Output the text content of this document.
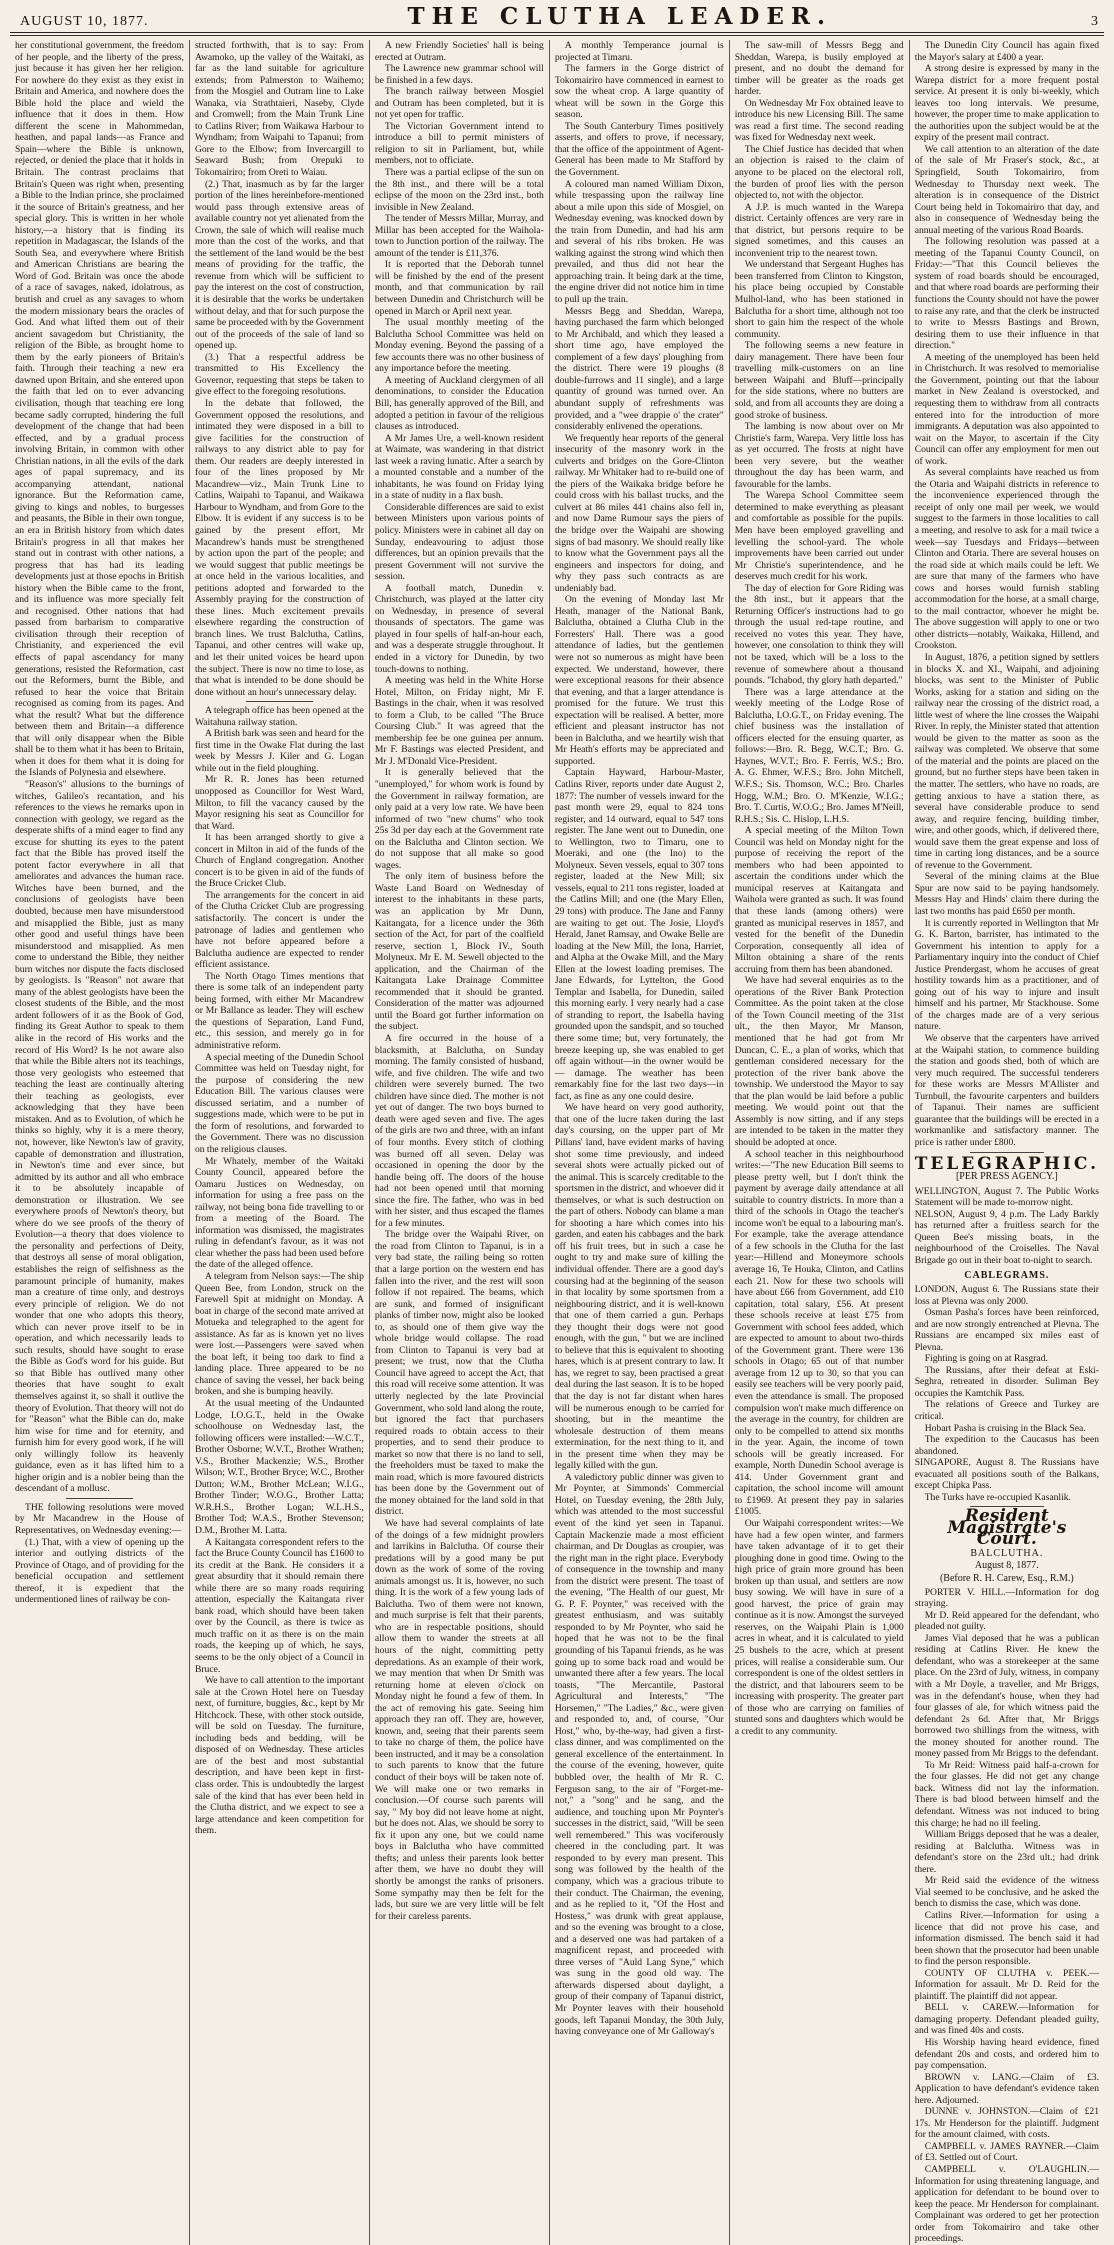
AUGUST 10, 1877.	THE CLUTHA LEADER.	3

her constitutional government, the freedom of her people, and the liberty of the press, just because it has given her her religion. For nowhere do they exist as they exist in Britain and America, and nowhere does the Bible hold the place and wield the influence that it does in them. How different the scene in Mahommedan, heathen, and papal lands—as France and Spain—where the Bible is unknown, rejected, or denied the place that it holds in Britain. The contrast proclaims that Britain's Queen was right when, presenting a Bible to the Indian prince, she proclaimed it the source of Britain's greatness, and her special glory. This is written in her whole history,—a history that is finding its repetition in Madagascar, the Islands of the South Sea, and everywhere where British and American Christians are bearing the Word of God. Britain was once the abode of a race of savages, naked, idolatrous, as brutish and cruel as any savages to whom the modern missionary bears the oracles of God. And what lifted them out of their ancient savagedom but Christianity, the religion of the Bible, as brought home to them by the early pioneers of Britain's faith. Through their teaching a new era dawned upon Britain, and she entered upon the faith that led on to ever advancing civilisation, though that teaching ere long became sadly corrupted, hindering the full development of the change that had been effected, and by a gradual process involving Britain, in common with other Christian nations, in all the evils of the dark ages of papal supremacy, and its accompanying attendant, national ignorance. But the Reformation came, giving to kings and nobles, to burgesses and peasants, the Bible in their own tongue, an era in British history from which dates Britain's progress in all that makes her stand out in contrast with other nations, a progress that has had its leading developments just at those epochs in British history when the Bible came to the front, and its influence was more specially felt and recognised. Other nations that had passed from barbarism to comparative civilisation through their reception of Christianity, and experienced the evil effects of papal ascendancy for many generations, resisted the Reformation, cast out the Reformers, burnt the Bible, and refused to hear the voice that Britain recognised as coming from its pages. And what the result? What but the difference between them and Britain—a difference that will only disappear when the Bible shall be to them what it has been to Britain, when it does for them what it is doing for the Islands of Polynesia and elsewhere.

"Reason's" allusions to the burnings of witches, Galileo's recantation, and his references to the views he remarks upon in connection with geology, we regard as the desperate shifts of a mind eager to find any excuse for shutting its eyes to the patent fact that the Bible has proved itself the potent factor everywhere in all that ameliorates and advances the human race. Witches have been burned, and the conclusions of geologists have been doubted, because men have misunderstood and misapplied the Bible, just as many other good and useful things have been misunderstood and misapplied. As men come to understand the Bible, they neither burn witches nor dispute the facts disclosed by geologists. Is "Reason" not aware that many of the ablest geologists have been the closest students of the Bible, and the most ardent followers of it as the Book of God, finding its Great Author to speak to them alike in the record of His works and the record of His Word? Is he not aware also that while the Bible alters not its teachings, those very geologists who esteemed that teaching the least are continually altering their teaching as geologists, ever acknowledging that they have been mistaken. And as to Evolution, of which he thinks so highly, why it is a mere theory, not, however, like Newton's law of gravity, capable of demonstration and illustration, in Newton's time and ever since, but admitted by its author and all who embrace it to be absolutely incapable of demonstration or illustration. We see everywhere proofs of Newton's theory, but where do we see proofs of the theory of Evolution—a theory that does violence to the personality and perfections of Deity, that destroys all sense of moral obligation, establishes the reign of selfishness as the paramount principle of humanity, makes man a creature of time only, and destroys every principle of religion. We do not wonder that one who adopts this theory, which can never prove itself to be in operation, and which necessarily leads to such results, should have sought to erase the Bible as God's word for his guide. But so that Bible has outlived many other theories that have sought to exalt themselves against it, so shall it outlive the theory of Evolution. That theory will not do for "Reason" what the Bible can do, make him wise for time and for eternity, and furnish him for every good work, if he will only willingly follow its heavenly guidance, even as it has lifted him to a higher origin and is a nobler being than the descendant of a mollusc.

THE following resolutions were moved by Mr Macandrew in the House of Representatives, on Wednesday evening:—

(1.) That, with a view of opening up the interior and outlying districts of the Province of Otago, and of providing for the beneficial occupation and settlement thereof, it is expedient that the undermentioned lines of railway be con-

structed forthwith, that is to say: From Awamoko, up the valley of the Waitaki, as far as the land suitable for agriculture extends; from Palmerston to Waihemo; from the Mosgiel and Outram line to Lake Wanaka, via Strathtaieri, Naseby, Clyde and Cromwell; from the Main Trunk Line to Catlins River; from Waikawa Harbour to Wyndham; from Waipahi to Tapanui; from Gore to the Elbow; from Invercargill to Seaward Bush; from Orepuki to Tokomairiro; from Oreti to Waiau.

(2.) That, inasmuch as by far the larger portion of the lines hereinbefore-mentioned would pass through extensive areas of available country not yet alienated from the Crown, the sale of which will realise much more than the cost of the works, and that the settlement of the land would be the best means of providing for the traffic, the revenue from which will be sufficient to pay the interest on the cost of construction, it is desirable that the works be undertaken without delay, and that for such purpose the same be proceeded with by the Government out of the proceeds of the sale of land so opened up.

(3.) That a respectful address be transmitted to His Excellency the Governor, requesting that steps be taken to give effect to the foregoing resolutions.

In the debate that followed, the Government opposed the resolutions, and intimated they were disposed in a bill to give facilities for the construction of railways to any district able to pay for them. Our readers are deeply interested in four of the lines proposed by Mr Macandrew—viz., Main Trunk Line to Catlins, Waipahi to Tapanui, and Waikawa Harbour to Wyndham, and from Gore to the Elbow. It is evident if any success is to be gained by the present effort, Mr Macandrew's hands must be strengthened by action upon the part of the people; and we would suggest that public meetings be at once held in the various localities, and petitions adopted and forwarded to the Assembly praying for the construction of these lines. Much excitement prevails elsewhere regarding the construction of branch lines. We trust Balclutha, Catlins, Tapanui, and other centres will wake up, and let their united voices be heard upon the subject. There is now no time to lose, as that what is intended to be done should be done without an hour's unnecessary delay.

A telegraph office has been opened at the Waitahuna railway station.

A British bark was seen and heard for the first time in the Owake Flat during the last week by Messrs J. Kiler and G. Logan while out in the field ploughing.

Mr R. R. Jones has been returned unopposed as Councillor for West Ward, Milton, to fill the vacancy caused by the Mayor resigning his seat as Councillor for that Ward.

It has been arranged shortly to give a concert in Milton in aid of the funds of the Church of England congregation. Another concert is to be given in aid of the funds of the Bruce Cricket Club.

The arrangements for the concert in aid of the Clutha Cricket Club are progressing satisfactorily. The concert is under the patronage of ladies and gentlemen who have not before appeared before a Balclutha audience are expected to render efficient assistance.

The North Otago Times mentions that there is some talk of an independent party being formed, with either Mr Macandrew or Mr Ballance as leader. They will eschew the questions of Separation, Land Fund, etc., this session, and merely go in for administrative reform.

A special meeting of the Dunedin School Committee was held on Tuesday night, for the purpose of considering the new Education Bill. The various clauses were discussed seriatim, and a number of suggestions made, which were to be put in the form of resolutions, and forwarded to the Government. There was no discussion on the religious clauses.

Mr Whately, member of the Waitaki County Council, appeared before the Oamaru Justices on Wednesday, on information for using a free pass on the railway, not being bona fide travelling to or from a meeting of the Board. The information was dismissed, the magistrates ruling in defendant's favour, as it was not clear whether the pass had been used before the date of the alleged offence.

A telegram from Nelson says:—The ship Queen Bee, from London, struck on the Farewell Spit at midnight on Monday. A boat in charge of the second mate arrived at Motueka and telegraphed to the agent for assistance. As far as is known yet no lives were lost.—Passengers were saved when the boat left, it being too dark to find a landing place. Three appeared to be no chance of saving the vessel, her back being broken, and she is bumping heavily.

At the usual meeting of the Undaunted Lodge, I.O.G.T., held in the Owake schoolhouse on Wednesday last, the following officers were installed:—W.C.T., Brother Osborne; W.V.T., Brother Wrathen; V.S., Brother Mackenzie; W.S., Brother Wilson; W.T., Brother Bryce; W.C., Brother Dutton; W.M., Brother McLean; W.I.G., Brother Tinder; W.O.G., Brother Latta; W.R.H.S., Brother Logan; W.L.H.S., Brother Tod; W.A.S., Brother Stevenson; D.M., Brother M. Latta.

A Kaitangata correspondent refers to the fact the Bruce County Council has £1600 to its credit at the Bank. He considers it a great absurdity that it should remain there while there are so many roads requiring attention, especially the Kaitangata river bank road, which should have been taken over by the Council, as there is twice as much traffic on it as there is on the main roads, the keeping up of which, he says, seems to be the only object of a Council in Bruce.

We have to call attention to the important sale at the Crown Hotel here on Tuesday next, of furniture, buggies, &c., kept by Mr Hitchcock. These, with other stock outside, will be sold on Tuesday. The furniture, including beds and bedding, will be disposed of on Wednesday. These articles are of the best and most substantial description, and have been kept in first-class order. This is undoubtedly the largest sale of the kind that has ever been held in the Clutha district, and we expect to see a large attendance and keen competition for them.

A new Friendly Societies' hall is being erected at Outram.

The Lawrence new grammar school will be finished in a few days.

The branch railway between Mosgiel and Outram has been completed, but it is not yet open for traffic.

The Victorian Government intend to introduce a bill to permit ministers of religion to sit in Parliament, but, while members, not to officiate.

There was a partial eclipse of the sun on the 8th inst., and there will be a total eclipse of the moon on the 23rd inst., both invisible in New Zealand.

The tender of Messrs Millar, Murray, and Millar has been accepted for the Waihola-town to Junction portion of the railway. The amount of the tender is £11,376.

It is reported that the Deborah tunnel will be finished by the end of the present month, and that communication by rail between Dunedin and Christchurch will be opened in March or April next year.

The usual monthly meeting of the Balclutha School Committee was held on Monday evening. Beyond the passing of a few accounts there was no other business of any importance before the meeting.

A meeting of Auckland clergymen of all denominations, to consider the Education Bill, has generally approved of the Bill, and adopted a petition in favour of the religious clauses as introduced.

A Mr James Ure, a well-known resident at Waimate, was wandering in that district last week a raving lunatic. After a search by a mounted constable and a number of the inhabitants, he was found on Friday lying in a state of nudity in a flax bush.

Considerable differences are said to exist between Ministers upon various points of policy. Ministers were in cabinet all day on Sunday, endeavouring to adjust those differences, but an opinion prevails that the present Government will not survive the session.

A football match, Dunedin v. Christchurch, was played at the latter city on Wednesday, in presence of several thousands of spectators. The game was played in four spells of half-an-hour each, and was a desperate struggle throughout. It ended in a victory for Dunedin, by two touch-downs to nothing.

A meeting was held in the White Horse Hotel, Milton, on Friday night, Mr F. Bastings in the chair, when it was resolved to form a Club, to be called "The Bruce Coursing Club." It was agreed that the membership fee be one guinea per annum. Mr F. Bastings was elected President, and Mr J. M'Donald Vice-President.

It is generally believed that the "unemployed," for whom work is found by the Government in railway formation, are only paid at a very low rate. We have been informed of two "new chums" who took 25s 3d per day each at the Government rate on the Balclutha and Clinton section. We do not suppose that all make so good wages.

The only item of business before the Waste Land Board on Wednesday of interest to the inhabitants in these parts, was an application by Mr Dunn, Kaitangata, for a licence under the 36th section of the Act, for part of the coalfield reserve, section 1, Block IV., South Molyneux. Mr E. M. Sewell objected to the application, and the Chairman of the Kaitangata Lake Drainage Committee recommended that it should be granted. Consideration of the matter was adjourned until the Board got further information on the subject.

A fire occurred in the house of a blacksmith, at Balclutha, on Sunday morning. The family consisted of husband, wife, and five children. The wife and two children were severely burned. The two children have since died. The mother is not yet out of danger. The two boys burned to death were aged seven and five. The ages of the girls are two and three, with an infant of four months. Every stitch of clothing was burned off all seven. Delay was occasioned in opening the door by the handle being off. The doors of the house had not been opened until that morning since the fire. The father, who was in bed with her sister, and thus escaped the flames for a few minutes.

The bridge over the Waipahi River, on the road from Clinton to Tapanui, is in a very bad state, the railing being so rotten that a large portion on the western end has fallen into the river, and the rest will soon follow if not repaired. The beams, which are sunk, and formed of insignificant planks of timber now, might also be looked to, as should one of them give way the whole bridge would collapse. The road from Clinton to Tapanui is very bad at present; we trust, now that the Clutha Council have agreed to accept the Act, that this road will receive some attention. It was utterly neglected by the late Provincial Government, who sold land along the route, but ignored the fact that purchasers required roads to obtain access to their properties, and to send their produce to market so now that there is no land to sell, the freeholders must be taxed to make the main road, which is more favoured districts has been done by the Government out of the money obtained for the land sold in that district.

We have had several complaints of late of the doings of a few midnight prowlers and larrikins in Balclutha. Of course their predations will by a good many be put down as the work of some of the roving animals amongst us. It is, however, no such thing. It is the work of a few young lads of Balclutha. Two of them were not known, and much surprise is felt that their parents, who are in respectable positions, should allow them to wander the streets at all hours of the night, committing petty depredations. As an example of their work, we may mention that when Dr Smith was returning home at eleven o'clock on Monday night he found a few of them. In the act of removing his gate. Seeing him approach they ran off. They are, however, known, and, seeing that their parents seem to take no charge of them, the police have been instructed, and it may be a consolation to such parents to know that the future conduct of their boys will be taken note of. We will make one or two remarks in conclusion.—Of course such parents will say, " My boy did not leave home at night, but he does not. Alas, we should be sorry to fix it upon any one, but we could name boys in Balclutha who have committed thefts; and unless their parents look better after them, we have no doubt they will shortly be amongst the ranks of prisoners. Some sympathy may then be felt for the lads, but sure we are very little will be felt for their careless parents.

A monthly Temperance journal is projected at Timaru.

The farmers in the Gorge district of Tokomairiro have commenced in earnest to sow the wheat crop. A large quantity of wheat will be sown in the Gorge this season.

The South Canterbury Times positively asserts, and offers to prove, if necessary, that the office of the appointment of Agent-General has been made to Mr Stafford by the Government.

A coloured man named William Dixon, while trespassing upon the railway line about a mile upon this side of Mosgiel, on Wednesday evening, was knocked down by the train from Dunedin, and had his arm and several of his ribs broken. He was walking against the strong wind which then prevailed, and thus did not hear the approaching train. It being dark at the time, the engine driver did not notice him in time to pull up the train.

Messrs Begg and Sheddan, Warepa, having purchased the farm which belonged to Mr Archibald, and which they leased a short time ago, have employed the complement of a few days' ploughing from the district. There were 19 ploughs (8 double-furrows and 11 single), and a large quantity of ground was turned over. An abundant supply of refreshments was provided, and a "wee drappie o' the crater" considerably enlivened the operations.

We frequently hear reports of the general insecurity of the masonry work in the culverts and bridges on the Gore-Clinton railway. Mr Whitaker had to re-build one of the piers of the Waikaka bridge before he could cross with his ballast trucks, and the culvert at 86 miles 441 chains also fell in, and now Dame Rumour says the piers of the bridge over the Waipahi are showing signs of bad masonry. We should really like to know what the Government pays all the engineers and inspectors for doing, and why they pass such contracts as are undeniably bad.

On the evening of Monday last Mr Heath, manager of the National Bank, Balclutha, obtained a Clutha Club in the Forresters' Hall. There was a good attendance of ladies, but the gentlemen were not so numerous as might have been expected. We understand, however, there were exceptional reasons for their absence that evening, and that a larger attendance is promised for the future. We trust this expectation will be realised. A better, more efficient and pleasant instructor has not been in Balclutha, and we heartily wish that Mr Heath's efforts may be appreciated and supported.

Captain Hayward, Harbour-Master, Catlins River, reports under date August 2, 1877: The number of vessels inward for the past month were 29, equal to 824 tons register, and 14 outward, equal to 547 tons register. The Jane went out to Dunedin, one to Wellington, two to Timaru, one to Moeraki, and one (the Ino) to the Molyneux. Seven vessels, equal to 307 tons register, loaded at the New Mill; six vessels, equal to 211 tons register, loaded at the Catlins Mill; and one (the Mary Ellen, 29 tons) with produce. The Jane and Fanny are waiting to get out. The Josie, Lloyd's Herald, Janet Ramsay, and Owake Belle are loading at the New Mill, the Iona, Harriet, and Alpha at the Owake Mill, and the Mary Ellen at the lowest loading premises. The Jane Edwards, for Lyttelton, the Good Templar and Isabella, for Dunedin, sailed this morning early. I very nearly had a case of stranding to report, the Isabella having grounded upon the sandspit, and so touched there some time; but, very fortunately, the breeze keeping up, she was enabled to get off again without—in the owner would be — damage. The weather has been remarkably fine for the last two days—in fact, as fine as any one could desire.

We have heard on very good authority, that one of the lucre taken during the last day's coursing, on the upper part of Mr Pillans' land, have evident marks of having shot some time previously, and indeed several shots were actually picked out of the animal. This is scarcely creditable to the sportsmen in the district, and whoever did it themselves, or what is such destruction on the part of others. Nobody can blame a man for shooting a hare which comes into his garden, and eaten his cabbages and the bark off his fruit trees, but in such a case he ought to try and make sure of killing the individual offender. There are a good day's coursing had at the beginning of the season in that locality by some sportsmen from a neighbouring district, and it is well-known that one of them carried a gun. Perhaps they thought their dogs were not good enough, with the gun, " but we are inclined to believe that this is equivalent to shooting hares, which is at present contrary to law. It has, we regret to say, been practised a great deal during the last season. It is to be hoped that the day is not far distant when hares will be numerous enough to be carried for shooting, but in the meantime the wholesale destruction of them means extermination, for the next thing to it, and in the present time when they may be legally killed with the gun.

A valedictory public dinner was given to Mr Poynter, at Simmonds' Commercial Hotel, on Tuesday evening, the 28th July, which was attended to the most successful event of the kind yet seen in Tapanui. Captain Mackenzie made a most efficient chairman, and Dr Douglas as croupier, was the right man in the right place. Everybody of consequence in the township and many from the district were present. The toast of the evening, "The Health of our guest, Mr G. P. F. Poynter," was received with the greatest enthusiasm, and was suitably responded to by Mr Poynter, who said he hoped that he was not to be the final grounding of his Tapanui friends, as he was going up to some back road and would be unwanted there after a few years. The local toasts, "The Mercantile, Pastoral Agricultural and Interests," "The Horsemen," "The Ladies," &c., were given and responded to, and, of course, "Our Host," who, by-the-way, had given a first-class dinner, and was complimented on the general excellence of the entertainment. In the course of the evening, however, quite bubbled over, the health of Mr R. C. Ferguson sang, to the air of "Forget-me-not," a "song" and he sang, and the audience, and touching upon Mr Poynter's successes in the district, said, "Will be seen well remembered." This was vociferously cheered in the concluding part. It was responded to by every man present. This song was followed by the health of the company, which was a gracious tribute to their conduct. The Chairman, the evening, and as he replied to it, "Of the Host and Hostess," was drunk with great applause, and so the evening was brought to a close, and a deserved one was had partaken of a magnificent repast, and proceeded with three verses of "Auld Lang Syne," which was sung in the good old way. The afterwards dispersed about daylight, a group of their company of Tapanui district, Mr Poynter leaves with their household goods, left Tapanui Monday, the 30th July, having conveyance one of Mr Galloway's

The saw-mill of Messrs Begg and Sheddan, Warepa, is busily employed at present, and no doubt the demand for timber will be greater as the roads get harder.

On Wednesday Mr Fox obtained leave to introduce his new Licensing Bill. The same was read a first time. The second reading was fixed for Wednesday next week.

The Chief Justice has decided that when an objection is raised to the claim of anyone to be placed on the electoral roll, the burden of proof lies with the person objected to, not with the objector.

A J.P. is much wanted in the Warepa district. Certainly offences are very rare in that district, but persons require to be signed sometimes, and this causes an inconvenient trip to the nearest town.

We understand that Sergeant Hughes has been transferred from Clinton to Kingston, his place being occupied by Constable Mulhol-land, who has been stationed in Balclutha for a short time, although not too short to gain him the respect of the whole community.

The following seems a new feature in dairy management. There have been four travelling milk-customers on an line between Waipahi and Bluff—principally for the side stations, where no butters are sold, and from all accounts they are doing a good stroke of business.

The lambing is now about over on Mr Christie's farm, Warepa. Very little loss has as yet occurred. The frosts at night have been very severe, but the weather throughout the day has been warm, and favourable for the lambs.

The Warepa School Committee seem determined to make everything as pleasant and comfortable as possible for the pupils. Men have been employed gravelling and levelling the school-yard. The whole improvements have been carried out under Mr Christie's superintendence, and he deserves much credit for his work.

The day of election for Gore Riding was the 8th inst., but it appears that the Returning Officer's instructions had to go through the usual red-tape routine, and received no votes this year. They have, however, one consolation to think they will not be taxed, which will be a loss to the revenue of somewhere about a thousand pounds. "Ichabod, thy glory hath departed."

There was a large attendance at the weekly meeting of the Lodge Rose of Balclutha, I.O.G.T., on Friday evening. The chief business was the installation of officers elected for the ensuing quarter, as follows:—Bro. R. Begg, W.C.T.; Bro. G. Haynes, W.V.T.; Bro. F. Ferris, W.S.; Bro. A. G. Ehmer, W.F.S.; Bro. John Mitchell, W.F.S.; Sis. Thomson, W.C.; Bro. Charles Hogg, W.M.; Bro. O. M'Kenzie, W.I.G.; Bro. T. Curtis, W.O.G.; Bro. James M'Neill, R.H.S.; Sis. C. Hislop, L.H.S.

A special meeting of the Milton Town Council was held on Monday night for the purpose of receiving the report of the members who had been appointed to ascertain the conditions under which the municipal reserves at Kaitangata and Waihola were granted as such. It was found that these lands (among others) were granted as municipal reserves in 1857, and vested for the benefit of the Dunedin Corporation, consequently all idea of Milton obtaining a share of the rents accruing from them has been abandoned.

We have had several enquiries as to the operations of the River Bank Protection Committee. As the point taken at the close of the Town Council meeting of the 31st ult., the then Mayor, Mr Manson, mentioned that he had got from Mr Duncan, C. E., a plan of works, which that gentleman considered necessary for the protection of the river bank above the township. We understood the Mayor to say that the plan would be laid before a public meeting. We would point out that the Assembly is now sitting, and if any steps are intended to be taken in the matter they should be adopted at once.

A school teacher in this neighbourhood writes:—"The new Education Bill seems to please pretty well, but I don't think the payment by average daily attendance at all suitable to country districts. In more than a third of the schools in Otago the teacher's income won't be equal to a labouring man's. For example, take the average attendance of a few schools in the Clutha for the last year:—Hillend and Moneymore schools average 16, Te Houka, Clinton, and Catlins each 21. Now for these two schools will have about £66 from Government, add £10 capitation, total salary, £56. At present these schools receive at least £75 from Government with school fees added, which are expected to amount to about two-thirds of the Government grant. There were 136 schools in Otago; 65 out of that number average from 12 up to 30, so that you can easily see teachers will be very poorly paid, even the attendance is small. The proposed compulsion won't make much difference on the average in the country, for children are only to be compelled to attend six months in the year. Again, the income of town schools will be greatly increased. For example, North Dunedin School average is 414. Under Government grant and capitation, the school income will amount to £1969. At present they pay in salaries £1005.

Our Waipahi correspondent writes:—We have had a few open winter, and farmers have taken advantage of it to get their ploughing done in good time. Owing to the high price of grain more ground has been broken up than usual, and settlers are now busy sowing. We will have in sure of a good harvest, the price of grain may continue as it is now. Amongst the surveyed reserves, on the Waipahi Plain is 1,000 acres in wheat, and it is calculated to yield 25 bushels to the acre, which at present prices, will realise a considerable sum. Our correspondent is one of the oldest settlers in the district, and that labourers seem to be increasing with prosperity. The greater part of those who are carrying on families of stunted sons and daughters which would be a credit to any community.

The Dunedin City Council has again fixed the Mayor's salary at £400 a year.

A strong desire is expressed by many in the Warepa district for a more frequent postal service. At present it is only bi-weekly, which leaves too long intervals. We presume, however, the proper time to make application to the authorities upon the subject would be at the expiry of the present mail contract.

We call attention to an alteration of the date of the sale of Mr Fraser's stock, &c., at Springfield, South Tokomairiro, from Wednesday to Thursday next week. The alteration is in consequence of the District Court being held in Tokomairiro that day, and also in consequence of Wednesday being the annual meeting of the various Road Boards.

The following resolution was passed at a meeting of the Tapanui County Council, on Friday:—"That this Council believes the system of road boards should be encouraged, and that where road boards are performing their functions the County should not have the power to raise any rate, and that the clerk be instructed to write to Messrs Bastings and Brown, desiring them to use their influence in that direction."

A meeting of the unemployed has been held in Christchurch. It was resolved to memorialise the Government, pointing out that the labour market in New Zealand is overstocked, and requesting them to withdraw from all contracts entered into for the introduction of more immigrants. A deputation was also appointed to wait on the Mayor, to ascertain if the City Council can offer any employment for men out of work.

As several complaints have reached us from the Otaria and Waipahi districts in reference to the inconvenience experienced through the receipt of only one mail per week, we would suggest to the farmers in those localities to call a meeting, and resolve to ask for a mail twice a week—say Tuesdays and Fridays—between Clinton and Otaria. There are several houses on the road side at which mails could be left. We are sure that many of the farmers who have cows and horses would furnish stabling accommodation for the horse, at a small charge, to the mail contractor, whoever he might be. The above suggestion will apply to one or two other districts—notably, Waikaka, Hillend, and Crookston.

In August, 1876, a petition signed by settlers in blocks X. and XI., Waipahi, and adjoining blocks, was sent to the Minister of Public Works, asking for a station and siding on the railway near the crossing of the district road, a little west of where the line crosses the Waipahi River. In reply, the Minister stated that attention would be given to the matter as soon as the railway was completed. We observe that some of the material and the points are placed on the ground, but no further steps have been taken in the matter. The settlers, who have no roads, are getting anxious to have a station there, as several have considerable produce to send away, and require fencing, building timber, wire, and other goods, which, if delivered there, would save them the great expense and loss of time in carting long distances, and be a source of revenue to the Government.

Several of the mining claims at the Blue Spur are now said to be paying handsomely. Messrs Hay and Hinds' claim there during the last two months has paid £650 per month.

It is currently reported in Wellington that Mr G. K. Barton, barrister, has intimated to the Government his intention to apply for a Parliamentary inquiry into the conduct of Chief Justice Prendergast, whom he accuses of great hostility towards him as a practitioner, and of going out of his way to injure and insult himself and his partner, Mr Stackhouse. Some of the charges made are of a very serious nature.

We observe that the carpenters have arrived at the Waipahi station, to commence building the station and goods shed, both of which are very much required. The successful tenderers for these works are Messrs M'Allister and Turnbull, the favourite carpenters and builders of Tapanui. Their names are sufficient guarantee that the buildings will be erected in a workmanlike and satisfactory manner. The price is rather under £800.

TELEGRAPHIC.
[PER PRESS AGENCY.]

WELLINGTON, August 7. The Public Works Statement will be made to-morrow night.

NELSON, August 9, 4 p.m. The Lady Barkly has returned after a fruitless search for the Queen Bee's missing boats, in the neighbourhood of the Croiselles. The Naval Brigade go out in their boat to-night to search.

CABLEGRAMS.

LONDON, August 6. The Russians state their loss at Plevna was only 2000.

Osman Pasha's forces have been reinforced, and are now strongly entrenched at Plevna. The Russians are encamped six miles east of Plevna.

Fighting is going on at Rasgrad.

The Russians, after their defeat at Eski-Seghra, retreated in disorder. Suliman Bey occupies the Kamtchik Pass.

The relations of Greece and Turkey are critical.

Hobart Pasha is cruising in the Black Sea.

The expedition to the Caucasus has been abandoned.

SINGAPORE, August 8. The Russians have evacuated all positions south of the Balkans, except Chipka Pass.

The Turks have re-occupied Kasanlik.

Resident Magistrate's Court.
BALCLUTHA.
August 8, 1877.
(Before R. H. Carew, Esq., R.M.)

PORTER V. HILL.—Information for dog straying.

Mr D. Reid appeared for the defendant, who pleaded not guilty.

James Vial deposed that he was a publican residing at Catlins River. He knew the defendant, who was a storekeeper at the same place. On the 23rd of July, witness, in company with a Mr Doyle, a traveller, and Mr Briggs, was in the defendant's house, when they had four glasses of ale, for which witness paid the defendant 2s 6d. After that, Mr Briggs borrowed two shillings from the witness, with the money shouted for another round. The money passed from Mr Briggs to the defendant.

To Mr Reid: Witness paid half-a-crown for the four glasses. He did not get any change back. Witness did not lay the information. There is bad blood between himself and the defendant. Witness was not induced to bring this charge; he had no ill feeling.

William Briggs deposed that he was a dealer, residing at Balclutha. Witness was in defendant's store on the 23rd ult.; had drink there.

Mr Reid said the evidence of the witness Vial seemed to be conclusive, and he asked the bench to dismiss the case, which was done.

Catlins River.—Information for using a licence that did not prove his case, and information dismissed. The bench said it had been shown that the prosecutor had been unable to find the person responsible.

COUNTY OF CLUTHA v. PEEK.—Information for assault. Mr D. Reid for the plaintiff. The plaintiff did not appear.

BELL v. CAREW.—Information for damaging property. Defendant pleaded guilty, and was fined 40s and costs.

His Worship having heard evidence, fined defendant 20s and costs, and ordered him to pay compensation.

BROWN v. LANG.—Claim of £3. Application to have defendant's evidence taken here. Adjourned.

DUNNE v. JOHNSTON.—Claim of £21 17s. Mr Henderson for the plaintiff. Judgment for the amount claimed, with costs.

CAMPBELL v. JAMES RAYNER.—Claim of £3. Settled out of Court.

CAMPBELL v. O'LAUGHLIN.—Information for using threatening language, and application for defendant to be bound over to keep the peace. Mr Henderson for complainant. Complainant was ordered to get her protection order from Tokomairiro and take other proceedings.
